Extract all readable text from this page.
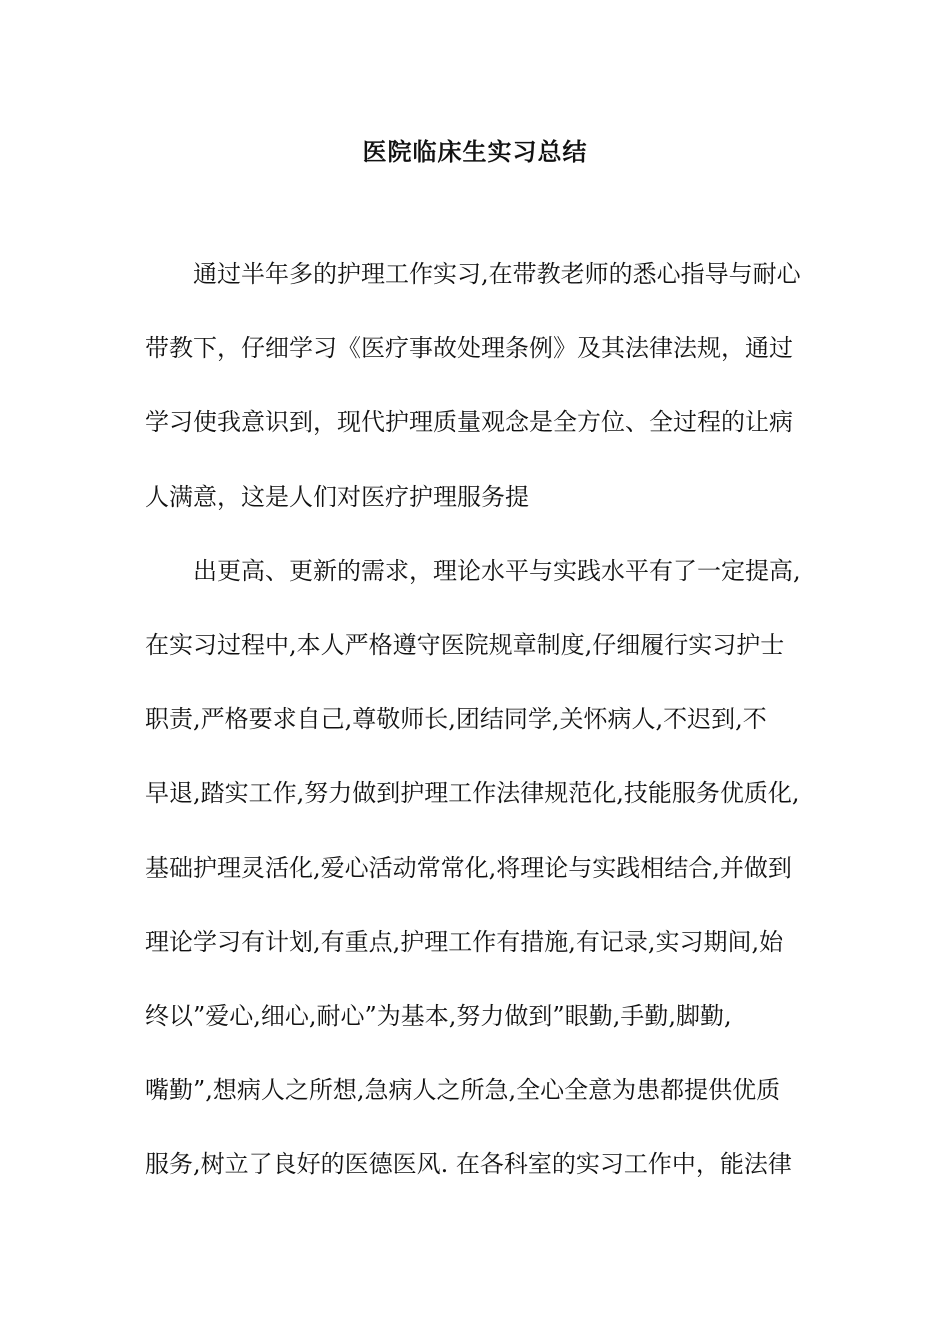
医院临床生实习总结
　　通过半年多的护理工作实习,在带教老师的悉心指导与耐心
带教下，仔细学习《医疗事故处理条例》及其法律法规，通过
学习使我意识到，现代护理质量观念是全方位、全过程的让病
人满意，这是人们对医疗护理服务提
　　出更高、更新的需求，理论水平与实践水平有了一定提高,
在实习过程中,本人严格遵守医院规章制度,仔细履行实习护士
职责,严格要求自己,尊敬师长,团结同学,关怀病人,不迟到,不
早退,踏实工作,努力做到护理工作法律规范化,技能服务优质化,
基础护理灵活化,爱心活动常常化,将理论与实践相结合,并做到
理论学习有计划,有重点,护理工作有措施,有记录,实习期间,始
终以”爱心,细心,耐心”为基本,努力做到”眼勤,手勤,脚勤,
嘴勤”,想病人之所想,急病人之所急,全心全意为患都提供优质
服务,树立了良好的医德医风. 在各科室的实习工作中，能法律
